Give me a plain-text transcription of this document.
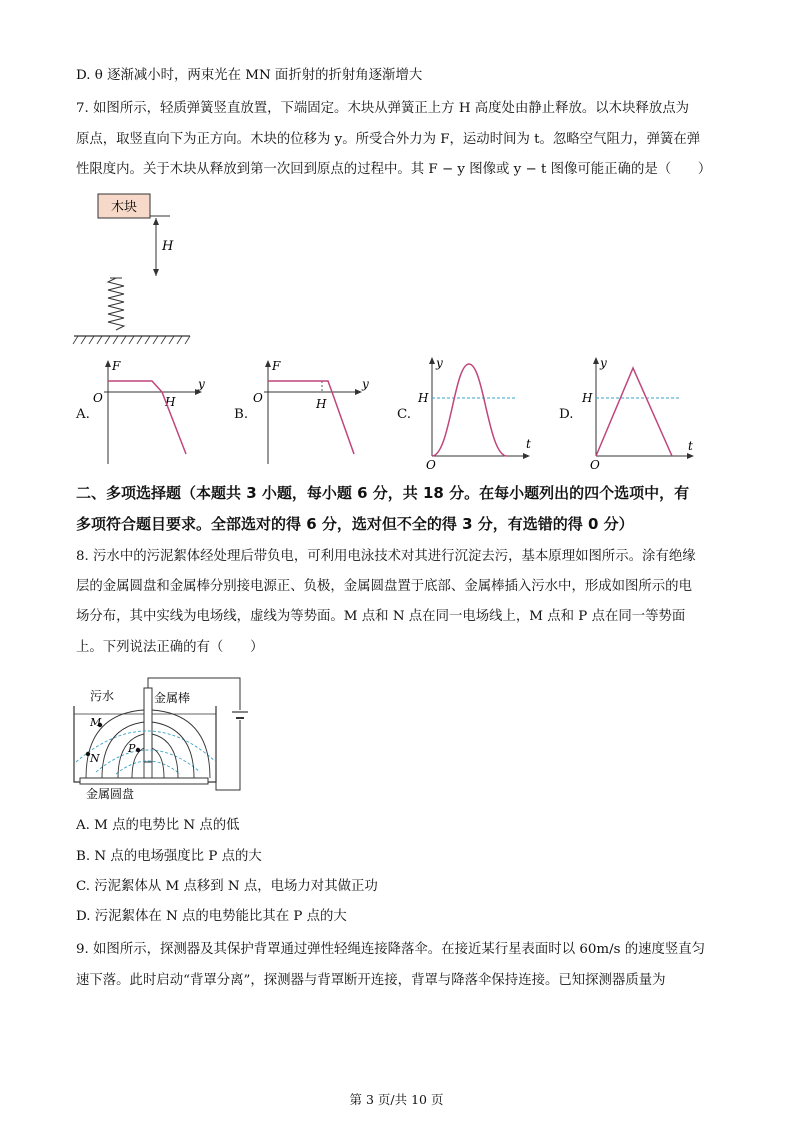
D. θ 逐渐减小时，两束光在 MN 面折射的折射角逐渐增大
7. 如图所示，轻质弹簧竖直放置，下端固定。木块从弹簧正上方 H 高度处由静止释放。以木块释放点为
原点，取竖直向下为正方向。木块的位移为 y。所受合外力为 F，运动时间为 t。忽略空气阻力，弹簧在弹
性限度内。关于木块从释放到第一次回到原点的过程中。其 F − y 图像或 y − t 图像可能正确的是（　　）
木块
H
A.
F
O
y
H
B.
F
O
y
H
C.
y
H
O
t
D.
y
H
O
t
二、多项选择题（本题共 3 小题，每小题 6 分，共 18 分。在每小题列出的四个选项中，有
多项符合题目要求。全部选对的得 6 分，选对但不全的得 3 分，有选错的得 0 分）
8. 污水中的污泥絮体经处理后带负电，可利用电泳技术对其进行沉淀去污，基本原理如图所示。涂有绝缘
层的金属圆盘和金属棒分别接电源正、负极，金属圆盘置于底部、金属棒插入污水中，形成如图所示的电
场分布，其中实线为电场线，虚线为等势面。M 点和 N 点在同一电场线上，M 点和 P 点在同一等势面
上。下列说法正确的有（　　）
M
N
P
污水	金属棒
金属圆盘
A. M 点的电势比 N 点的低
B. N 点的电场强度比 P 点的大
C. 污泥絮体从 M 点移到 N 点，电场力对其做正功
D. 污泥絮体在 N 点的电势能比其在 P 点的大
9. 如图所示，探测器及其保护背罩通过弹性轻绳连接降落伞。在接近某行星表面时以 60m/s 的速度竖直匀
速下落。此时启动“背罩分离”，探测器与背罩断开连接，背罩与降落伞保持连接。已知探测器质量为
第 3 页/共 10 页
